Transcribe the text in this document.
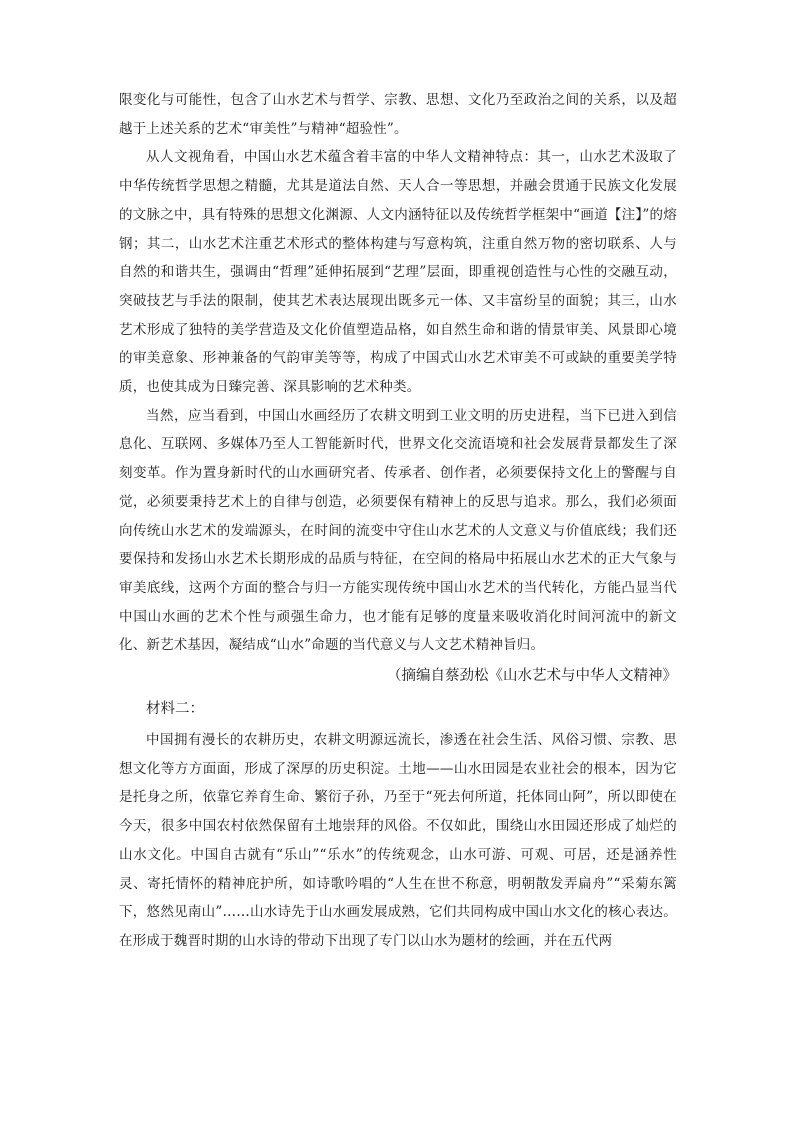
限变化与可能性，包含了山水艺术与哲学、宗教、思想、文化乃至政治之间的关系，以及超越于上述关系的艺术“审美性”与精神“超验性”。

从人文视角看，中国山水艺术蕴含着丰富的中华人文精神特点：其一，山水艺术汲取了中华传统哲学思想之精髓，尤其是道法自然、天人合一等思想，并融会贯通于民族文化发展的文脉之中，具有特殊的思想文化渊源、人文内涵特征以及传统哲学框架中“画道【注】”的熔钢；其二，山水艺术注重艺术形式的整体构建与写意构筑，注重自然万物的密切联系、人与自然的和谐共生，强调由“哲理”延伸拓展到“艺理”层面，即重视创造性与心性的交融互动，突破技艺与手法的限制，使其艺术表达展现出既多元一体、又丰富纷呈的面貌；其三，山水艺术形成了独特的美学营造及文化价值塑造品格，如自然生命和谐的情景审美、风景即心境的审美意象、形神兼备的气韵审美等等，构成了中国式山水艺术审美不可或缺的重要美学特质，也使其成为日臻完善、深具影响的艺术种类。

当然，应当看到，中国山水画经历了农耕文明到工业文明的历史进程，当下已进入到信息化、互联网、多媒体乃至人工智能新时代，世界文化交流语境和社会发展背景都发生了深刻变革。作为置身新时代的山水画研究者、传承者、创作者，必须要保持文化上的警醒与自觉，必须要秉持艺术上的自律与创造，必须要保有精神上的反思与追求。那么，我们必须面向传统山水艺术的发端源头，在时间的流变中守住山水艺术的人文意义与价值底线；我们还要保持和发扬山水艺术长期形成的品质与特征，在空间的格局中拓展山水艺术的正大气象与审美底线，这两个方面的整合与归一方能实现传统中国山水艺术的当代转化，方能凸显当代中国山水画的艺术个性与顽强生命力，也才能有足够的度量来吸收消化时间河流中的新文化、新艺术基因，凝结成“山水”命题的当代意义与人文艺术精神旨归。

（摘编自蔡劲松《山水艺术与中华人文精神》

材料二：

中国拥有漫长的农耕历史，农耕文明源远流长，渗透在社会生活、风俗习惯、宗教、思想文化等方方面面，形成了深厚的历史积淀。土地——山水田园是农业社会的根本，因为它是托身之所，依靠它养育生命、繁衍子孙，乃至于“死去何所道，托体同山阿”，所以即使在今天，很多中国农村依然保留有土地崇拜的风俗。不仅如此，围绕山水田园还形成了灿烂的山水文化。中国自古就有“乐山”“乐水”的传统观念，山水可游、可观、可居，还是涵养性灵、寄托情怀的精神庇护所，如诗歌吟唱的“人生在世不称意，明朝散发弄扁舟”“采菊东篱下，悠然见南山”……山水诗先于山水画发展成熟，它们共同构成中国山水文化的核心表达。在形成于魏晋时期的山水诗的带动下出现了专门以山水为题材的绘画，并在五代两
